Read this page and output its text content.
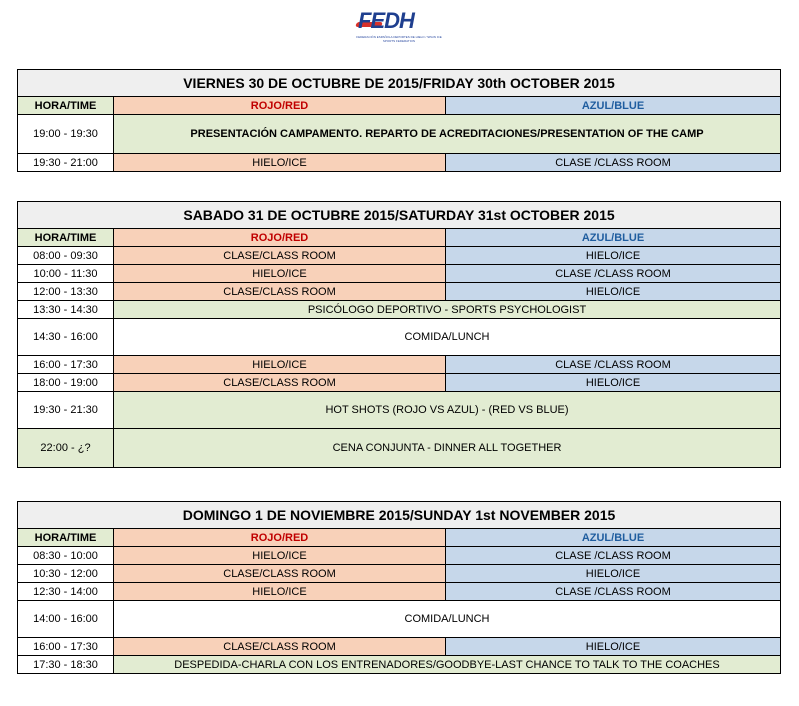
FEDH
FEDERACIÓN ESPAÑOLA DEPORTES DE HIELO / SPAIN ICE SPORTS FEDERATION
VIERNES 30 DE OCTUBRE DE 2015/FRIDAY 30th OCTOBER 2015		
HORA/TIME	ROJO/RED	AZUL/BLUE
19:00 - 19:30	PRESENTACIÓN CAMPAMENTO. REPARTO DE ACREDITACIONES/PRESENTATION OF THE CAMP	
19:30 - 21:00	HIELO/ICE	CLASE /CLASS ROOM
SABADO 31 DE OCTUBRE 2015/SATURDAY 31st OCTOBER 2015		
HORA/TIME	ROJO/RED	AZUL/BLUE
08:00 - 09:30	CLASE/CLASS ROOM	HIELO/ICE
10:00 - 11:30	HIELO/ICE	CLASE /CLASS ROOM
12:00 - 13:30	CLASE/CLASS ROOM	HIELO/ICE
13:30 - 14:30	PSICÓLOGO DEPORTIVO - SPORTS PSYCHOLOGIST	
14:30 - 16:00	COMIDA/LUNCH	
16:00 - 17:30	HIELO/ICE	CLASE /CLASS ROOM
18:00 - 19:00	CLASE/CLASS ROOM	HIELO/ICE
19:30 - 21:30	HOT SHOTS (ROJO VS AZUL) - (RED VS BLUE)	
22:00 - ¿?	CENA CONJUNTA - DINNER ALL TOGETHER	
DOMINGO 1 DE NOVIEMBRE 2015/SUNDAY 1st NOVEMBER 2015		
HORA/TIME	ROJO/RED	AZUL/BLUE
08:30 - 10:00	HIELO/ICE	CLASE /CLASS ROOM
10:30 - 12:00	CLASE/CLASS ROOM	HIELO/ICE
12:30 - 14:00	HIELO/ICE	CLASE /CLASS ROOM
14:00 - 16:00	COMIDA/LUNCH	
16:00 - 17:30	CLASE/CLASS ROOM	HIELO/ICE
17:30 - 18:30	DESPEDIDA-CHARLA CON LOS ENTRENADORES/GOODBYE-LAST CHANCE TO TALK TO THE COACHES	
